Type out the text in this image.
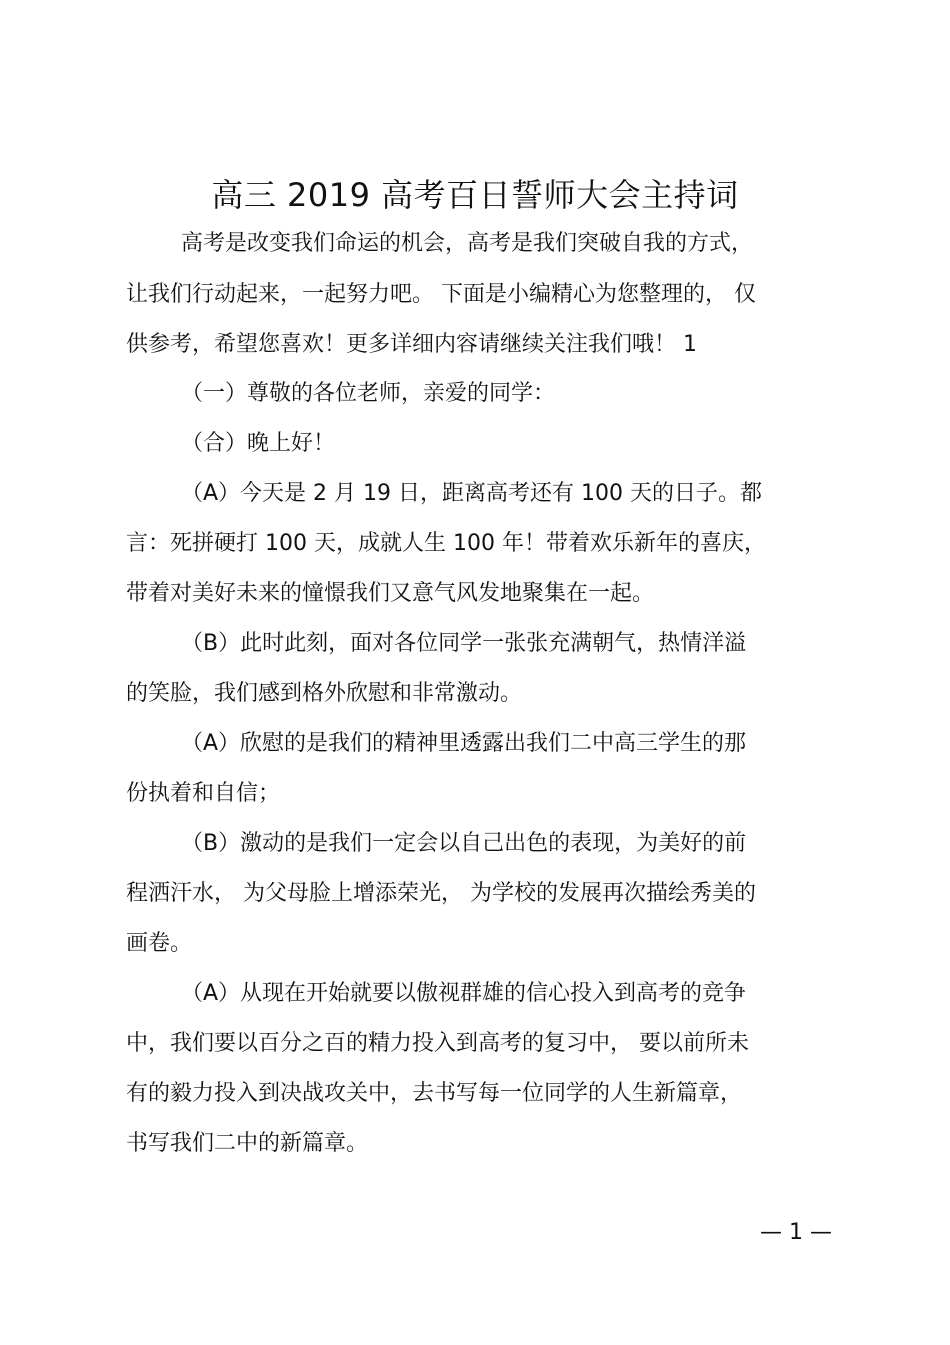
高三 2019 高考百日誓师大会主持词
高考是改变我们命运的机会，高考是我们突破自我的方式，
让我们行动起来，一起努力吧。 下面是小编精心为您整理的， 仅
供参考，希望您喜欢！更多详细内容请继续关注我们哦！ 1
（一）尊敬的各位老师，亲爱的同学：
（合）晚上好！
（A）今天是 2 月 19 日，距离高考还有 100 天的日子。都
言：死拼硬打 100 天，成就人生 100 年！带着欢乐新年的喜庆，
带着对美好未来的憧憬我们又意气风发地聚集在一起。
（B）此时此刻，面对各位同学一张张充满朝气，热情洋溢
的笑脸，我们感到格外欣慰和非常激动。
（A）欣慰的是我们的精神里透露出我们二中高三学生的那
份执着和自信；
（B）激动的是我们一定会以自己出色的表现，为美好的前
程洒汗水， 为父母脸上增添荣光， 为学校的发展再次描绘秀美的
画卷。
（A）从现在开始就要以傲视群雄的信心投入到高考的竞争
中，我们要以百分之百的精力投入到高考的复习中， 要以前所未
有的毅力投入到决战攻关中，去书写每一位同学的人生新篇章，
书写我们二中的新篇章。
— 1 —
